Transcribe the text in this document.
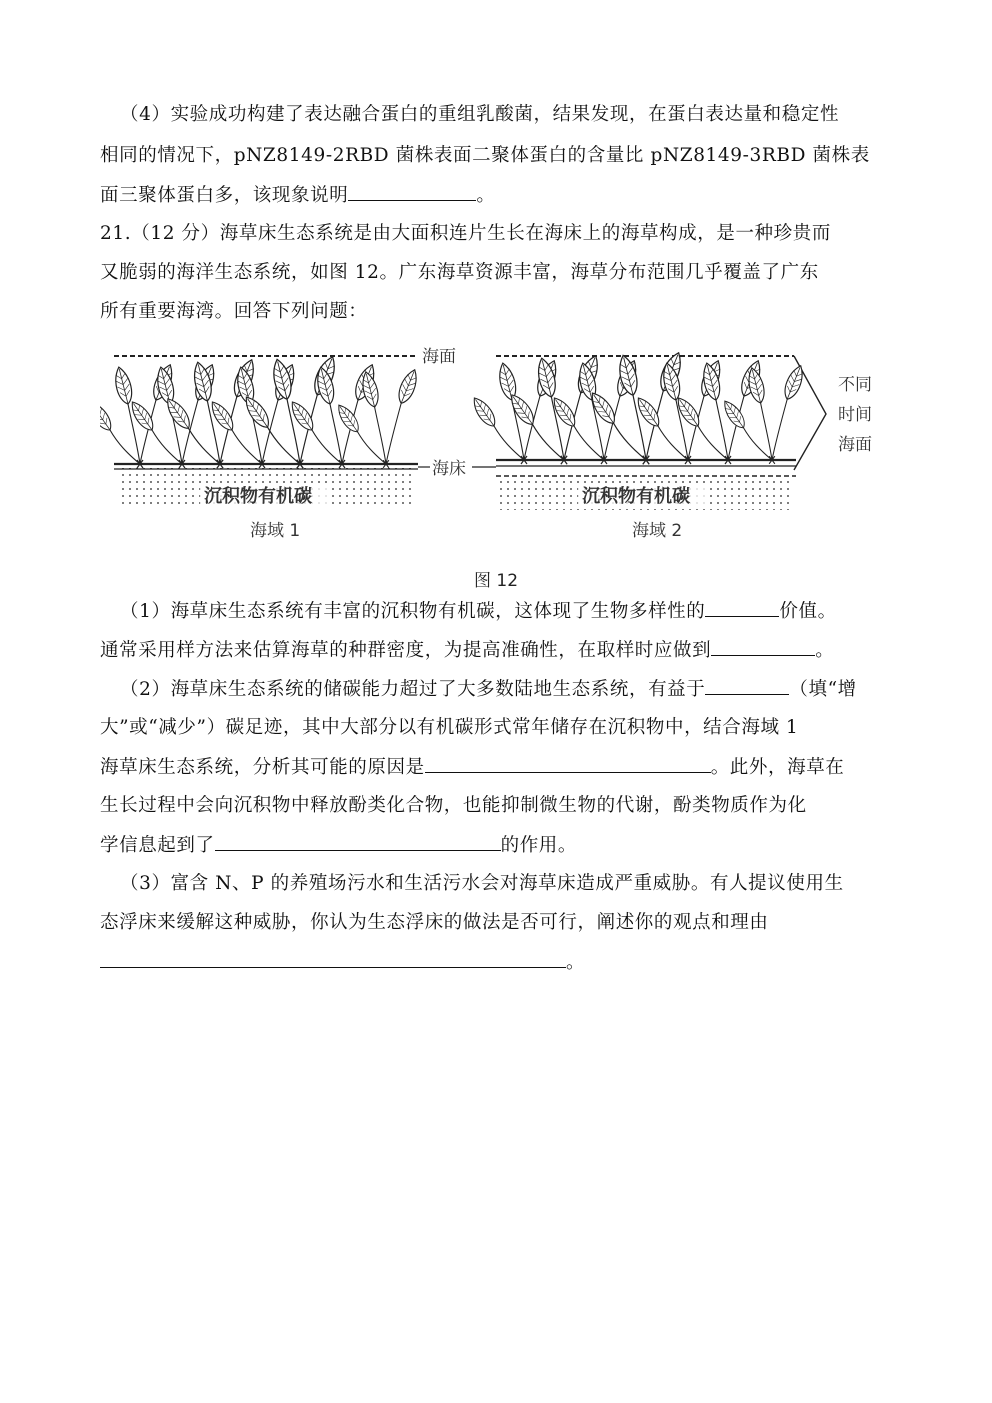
（4）实验成功构建了表达融合蛋白的重组乳酸菌，结果发现，在蛋白表达量和稳定性
相同的情况下，pNZ8149-2RBD 菌株表面二聚体蛋白的含量比 pNZ8149-3RBD 菌株表
面三聚体蛋白多，该现象说明	。
21.（12 分）海草床生态系统是由大面积连片生长在海床上的海草构成，是一种珍贵而
又脆弱的海洋生态系统，如图 12。广东海草资源丰富，海草分布范围几乎覆盖了广东
所有重要海湾。回答下列问题：
海面
沉积物有机碳
海域 1
海床
沉积物有机碳
海域 2
不同
时间
海面
图 12
（1）海草床生态系统有丰富的沉积物有机碳，这体现了生物多样性的	价值。
通常采用样方法来估算海草的种群密度，为提高准确性，在取样时应做到	。
（2）海草床生态系统的储碳能力超过了大多数陆地生态系统，有益于	（填“增
大”或“减少”）碳足迹，其中大部分以有机碳形式常年储存在沉积物中，结合海域 1
海草床生态系统，分析其可能的原因是	。此外，海草在
生长过程中会向沉积物中释放酚类化合物，也能抑制微生物的代谢，酚类物质作为化
学信息起到了	的作用。
（3）富含 N、P 的养殖场污水和生活污水会对海草床造成严重威胁。有人提议使用生
态浮床来缓解这种威胁，你认为生态浮床的做法是否可行，阐述你的观点和理由
。
